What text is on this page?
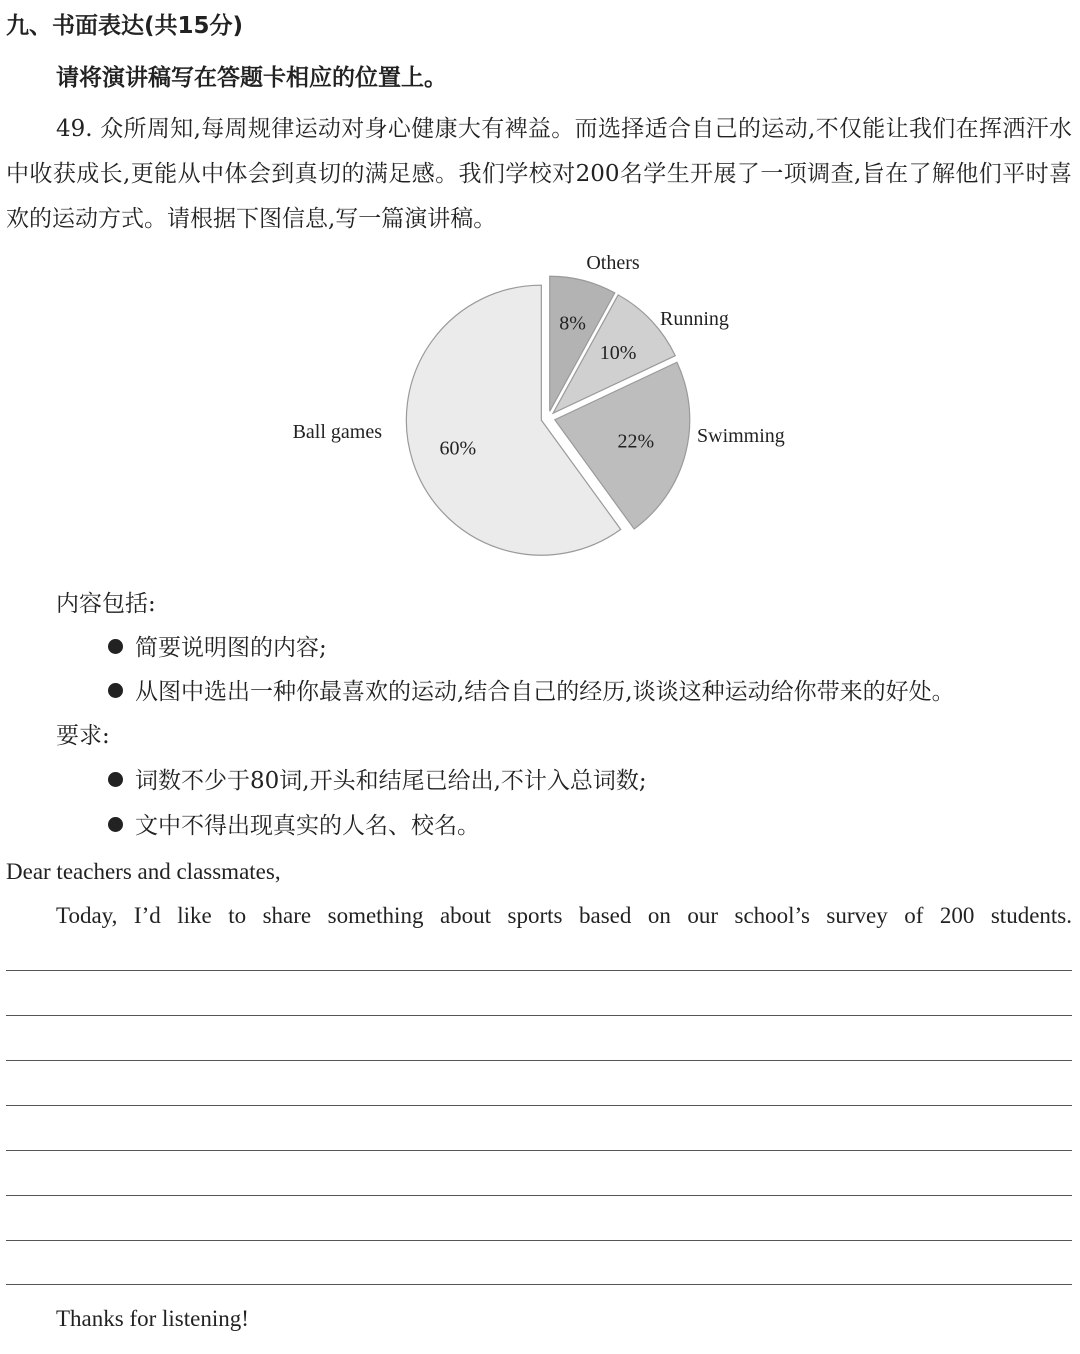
九、书面表达(共15分)
请将演讲稿写在答题卡相应的位置上。
49. 众所周知,每周规律运动对身心健康大有裨益。而选择适合自己的运动,不仅能让我们在挥洒汗水中收获成长,更能从中体会到真切的满足感。我们学校对200名学生开展了一项调查,旨在了解他们平时喜欢的运动方式。请根据下图信息,写一篇演讲稿。
8%
Others
10%
Running
22% Swimming
60%
Ball games
内容包括:
简要说明图的内容;
从图中选出一种你最喜欢的运动,结合自己的经历,谈谈这种运动给你带来的好处。
要求:
词数不少于80词,开头和结尾已给出,不计入总词数;
文中不得出现真实的人名、校名。
Dear teachers and classmates,
Today, I’d like to share something about sports based on our school’s survey of 200 students.
Thanks for listening!
